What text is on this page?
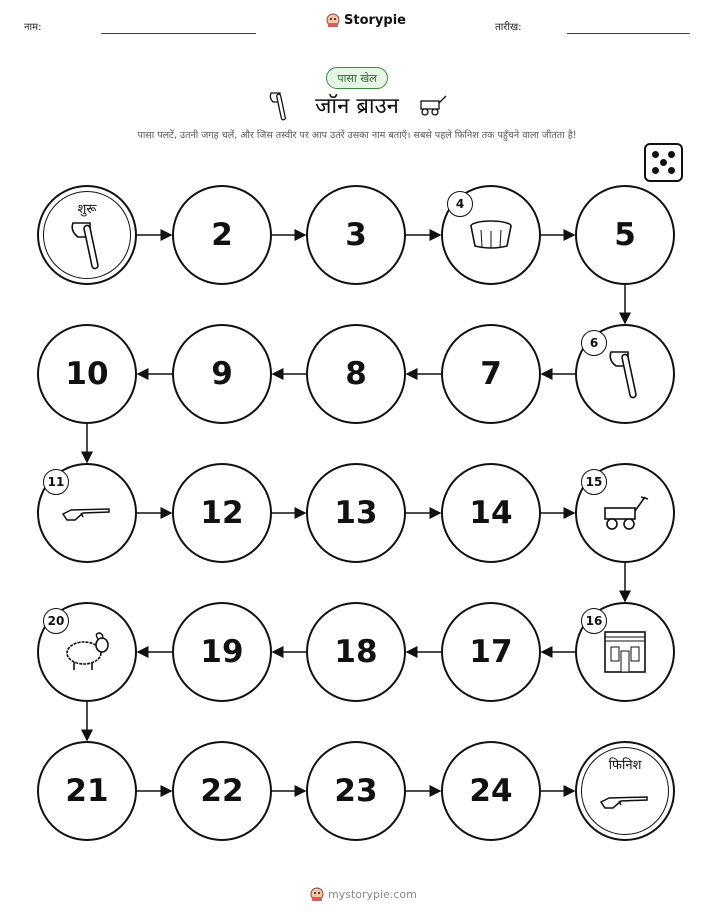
नाम:	Storypie	तारीख:
पासा खेल
जॉन ब्राउन
पासा पलटें, उतनी जगह चलें, और जिस तस्वीर पर आप उतरें उसका नाम बताएँ। सबसे पहले फिनिश तक पहुँचने वाला जीतता है!
शुरू
2	3
4
5
6
7
8
9
10
11
12	13	14
15
16
17
18
19
20
21	22	23	24
फिनिश
mystorypie.com
